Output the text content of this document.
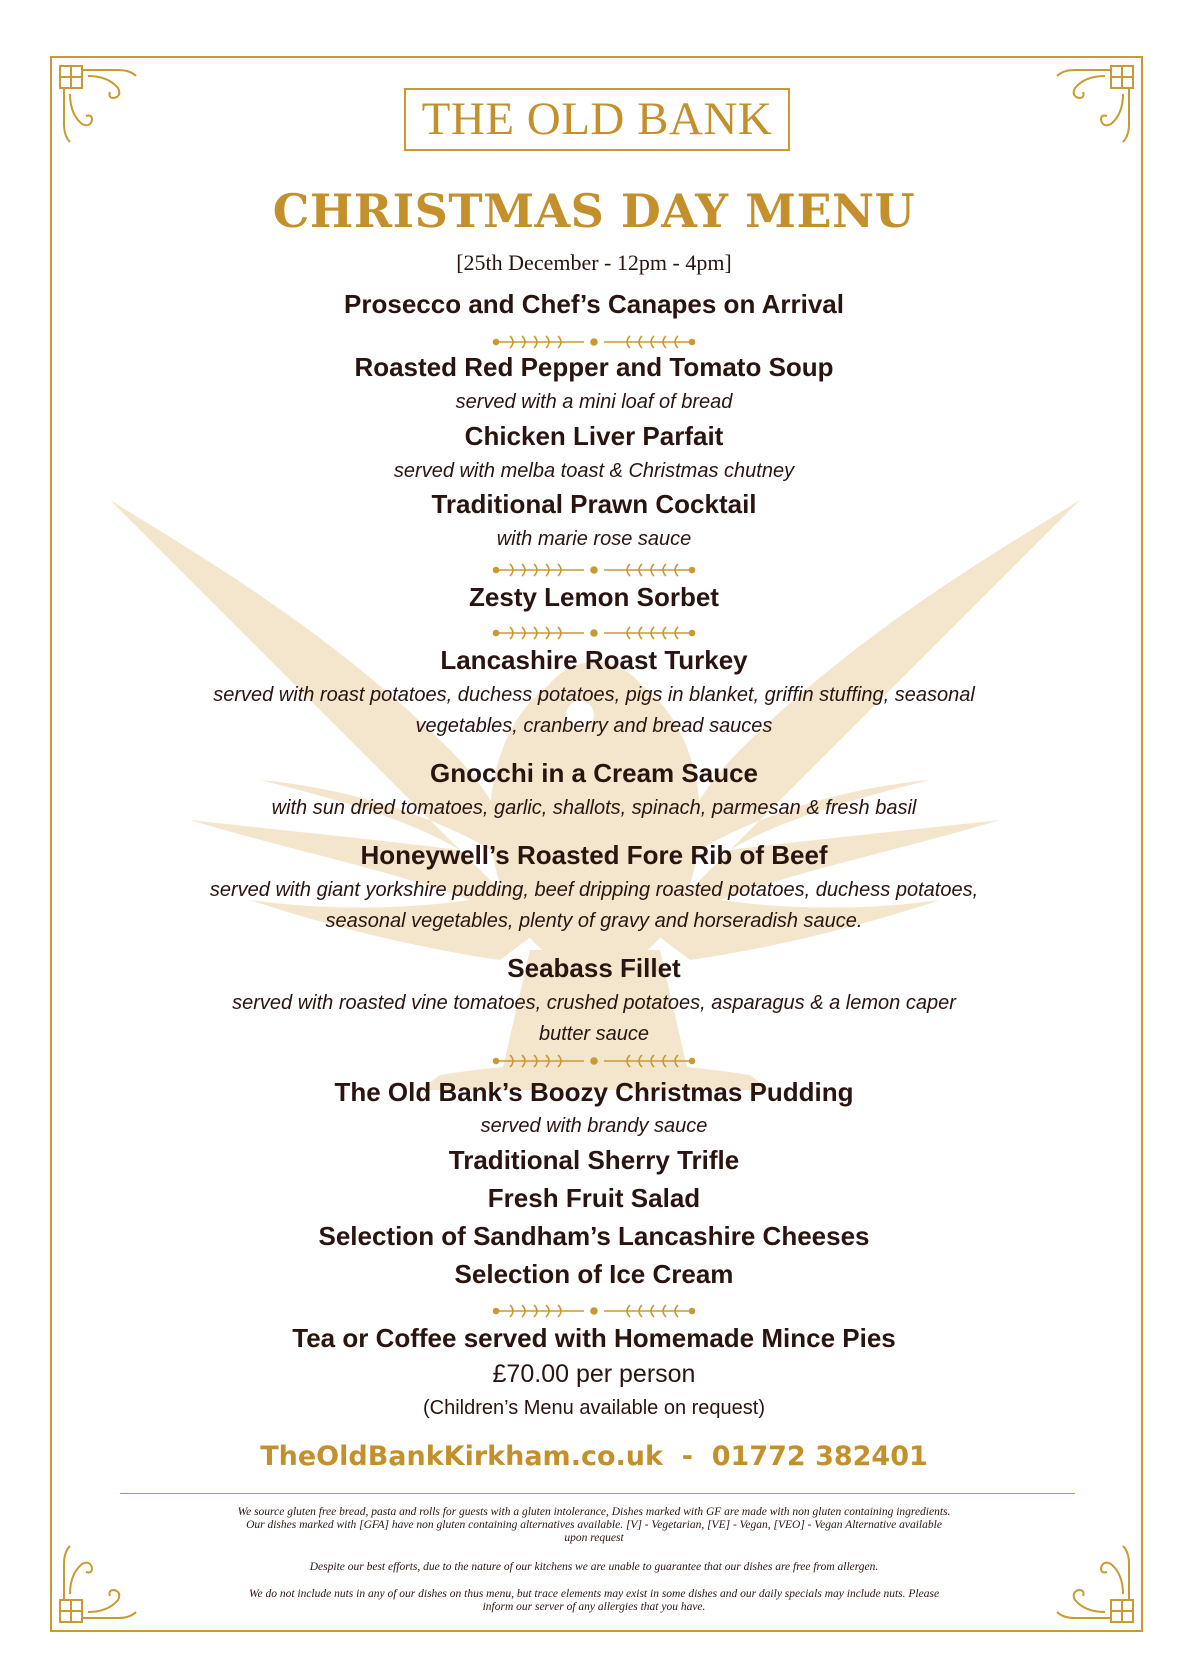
THE OLD BANK
CHRISTMAS DAY MENU
[25th December - 12pm - 4pm]
Prosecco and Chef’s Canapes on Arrival
Roasted Red Pepper and Tomato Soup
served with a mini loaf of bread
Chicken Liver Parfait
served with melba toast & Christmas chutney
Traditional Prawn Cocktail
with marie rose sauce
Zesty Lemon Sorbet
Lancashire Roast Turkey
served with roast potatoes, duchess potatoes, pigs in blanket, griffin stuffing, seasonal
vegetables, cranberry and bread sauces
Gnocchi in a Cream Sauce
with sun dried tomatoes, garlic, shallots, spinach, parmesan & fresh basil
Honeywell’s Roasted Fore Rib of Beef
served with giant yorkshire pudding, beef dripping roasted potatoes, duchess potatoes,
seasonal vegetables, plenty of gravy and horseradish sauce.
Seabass Fillet
served with roasted vine tomatoes, crushed potatoes, asparagus & a lemon caper
butter sauce
The Old Bank’s Boozy Christmas Pudding
served with brandy sauce
Traditional Sherry Trifle
Fresh Fruit Salad
Selection of Sandham’s Lancashire Cheeses
Selection of Ice Cream
Tea or Coffee served with Homemade Mince Pies
£70.00 per person
(Children’s Menu available on request)
TheOldBankKirkham.co.uk  -  01772 382401
We source gluten free bread, pasta and rolls for guests with a gluten intolerance, Dishes marked with GF are made with non gluten containing ingredients.
Our dishes marked with [GFA] have non gluten containing alternatives available. [V] - Vegetarian, [VE] - Vegan, [VEO] - Vegan Alternative available
upon request
Despite our best efforts, due to the nature of our kitchens we are unable to guarantee that our dishes are free from allergen.
We do not include nuts in any of our dishes on thus menu, but trace elements may exist in some dishes and our daily specials may include nuts. Please
inform our server of any allergies that you have.
